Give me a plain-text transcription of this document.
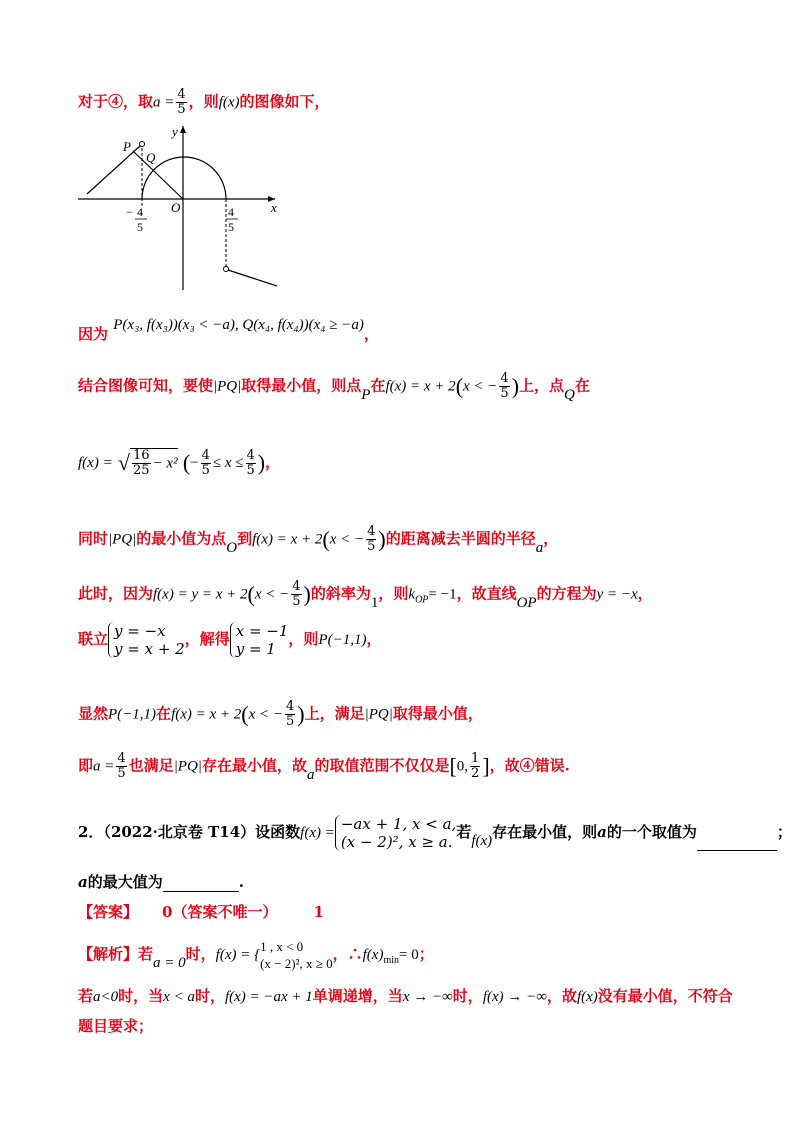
对于④，取$a = \frac{4}{5}$ ，则f(x)的图像如下，
y
x
O
P
Q
− 4
5
4
5
因为 P(x₃, f(x₃))(x₃ < −a), Q(x₄, f(x₄))(x₄ ≥ −a)，
结合图像可知，要使|PQ|取得最小值，则点P在f(x) = x + 2(x < − $\frac{4}{5}$ )上，点Q在
f(x) = √ $\frac{16}{25} - x^2$ (− $\frac{4}{5} \le x \le \frac{4}{5}$ )，
同时|PQ|的最小值为点O到f(x) = x + 2(x < − $\frac{4}{5}$ )的距离减去半圆的半径a，
此时，因为f(x) = y = x + 2(x < − $\frac{4}{5}$ )的斜率为1，则$k_{OP}= -1$，故直线OP的方程为y = −x，
联立 y = −x
y = x + 2
，解得 x = −1
y = 1
，则P(−1,1)，
显然P(−1,1)在f(x) = x + 2(x < − $\frac{4}{5}$ )上，满足|PQ|取得最小值，
即$a = \frac{4}{5}$ 也满足|PQ|存在最小值，故a的取值范围不仅仅是[0, $\frac{1}{2}$ ]，故④错误.
2．（2022·北京卷 T14）设函数f(x) = −ax + 1, x < a,
(x − 2)², x ≥ a.
若f(x)存在最小值，则a的一个取值为	；
a的最大值为	.
【答案】 0（答案不唯一） 1
【解析】若a = 0时，f(x) = {
1 , x < 0
(x − 2)², x ≥ 0
，$\therefore f(x)_{min}= 0$；
若a<0时，当x < a时，f(x) = −ax + 1单调递增，当x → −∞时，f(x) → −∞，故f(x)没有最小值，不符合
题目要求；
